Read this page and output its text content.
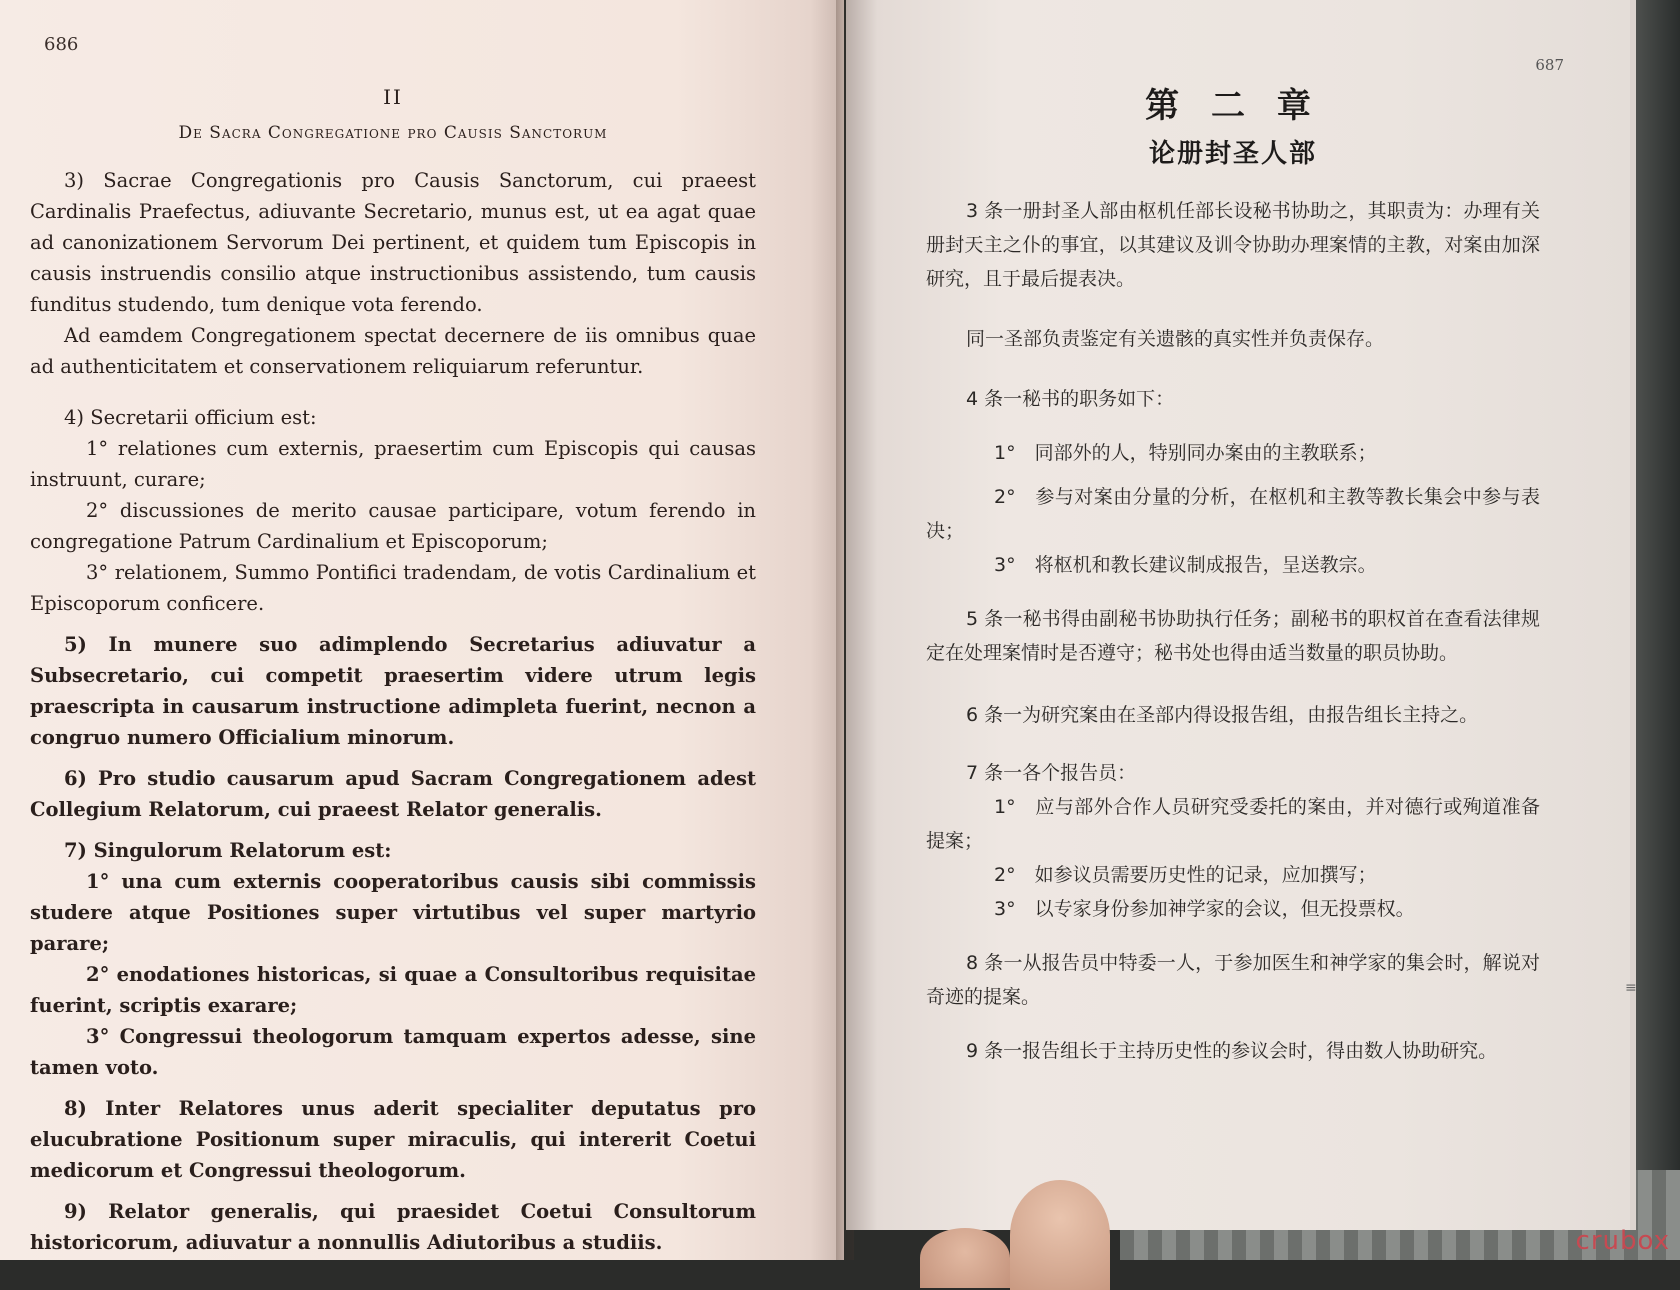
686
II
De Sacra Congregatione pro Causis Sanctorum

3) Sacrae Congregationis pro Causis Sanctorum, cui praeest Cardinalis Praefectus, adiuvante Secretario, munus est, ut ea agat quae ad canonizationem Servorum Dei pertinent, et quidem tum Episcopis in causis instruendis consilio atque instructionibus assistendo, tum causis funditus studendo, tum denique vota ferendo.

Ad eamdem Congregationem spectat decernere de iis omnibus quae ad authenticitatem et conservationem reliquiarum referuntur.

4) Secretarii officium est:

1° relationes cum externis, praesertim cum Episcopis qui causas instruunt, curare;

2° discussiones de merito causae participare, votum ferendo in congregatione Patrum Cardinalium et Episcoporum;

3° relationem, Summo Pontifici tradendam, de votis Cardinalium et Episcoporum conficere.

5) In munere suo adimplendo Secretarius adiuvatur a Subsecretario, cui competit praesertim videre utrum legis praescripta in causarum instructione adimpleta fuerint, necnon a congruo numero Officialium minorum.

6) Pro studio causarum apud Sacram Congregationem adest Collegium Relatorum, cui praeest Relator generalis.

7) Singulorum Relatorum est:

1° una cum externis cooperatoribus causis sibi commissis studere atque Positiones super virtutibus vel super martyrio parare;

2° enodationes historicas, si quae a Consultoribus requisitae fuerint, scriptis exarare;

3° Congressui theologorum tamquam expertos adesse, sine tamen voto.

8) Inter Relatores unus aderit specialiter deputatus pro elucubratione Positionum super miraculis, qui intererit Coetui medicorum et Congressui theologorum.

9) Relator generalis, qui praesidet Coetui Consultorum historicorum, adiuvatur a nonnullis Adiutoribus a studiis.

687
第 二 章
论册封圣人部

3 条一册封圣人部由枢机任部长设秘书协助之，其职责为：办理有关册封天主之仆的事宜，以其建议及训令协助办理案情的主教，对案由加深研究，且于最后提表决。

同一圣部负责鉴定有关遗骸的真实性并负责保存。

4 条一秘书的职务如下：

1°　同部外的人，特别同办案由的主教联系；

2°　参与对案由分量的分析，在枢机和主教等教长集会中参与表决；

3°　将枢机和教长建议制成报告，呈送教宗。

5 条一秘书得由副秘书协助执行任务；副秘书的职权首在查看法律规定在处理案情时是否遵守；秘书处也得由适当数量的职员协助。

6 条一为研究案由在圣部内得设报告组，由报告组长主持之。

7 条一各个报告员：

1°　应与部外合作人员研究受委托的案由，并对德行或殉道准备提案；

2°　如参议员需要历史性的记录，应加撰写；

3°　以专家身份参加神学家的会议，但无投票权。

8 条一从报告员中特委一人，于参加医生和神学家的集会时，解说对奇迹的提案。

9 条一报告组长于主持历史性的参议会时，得由数人协助研究。

≡
crubox
